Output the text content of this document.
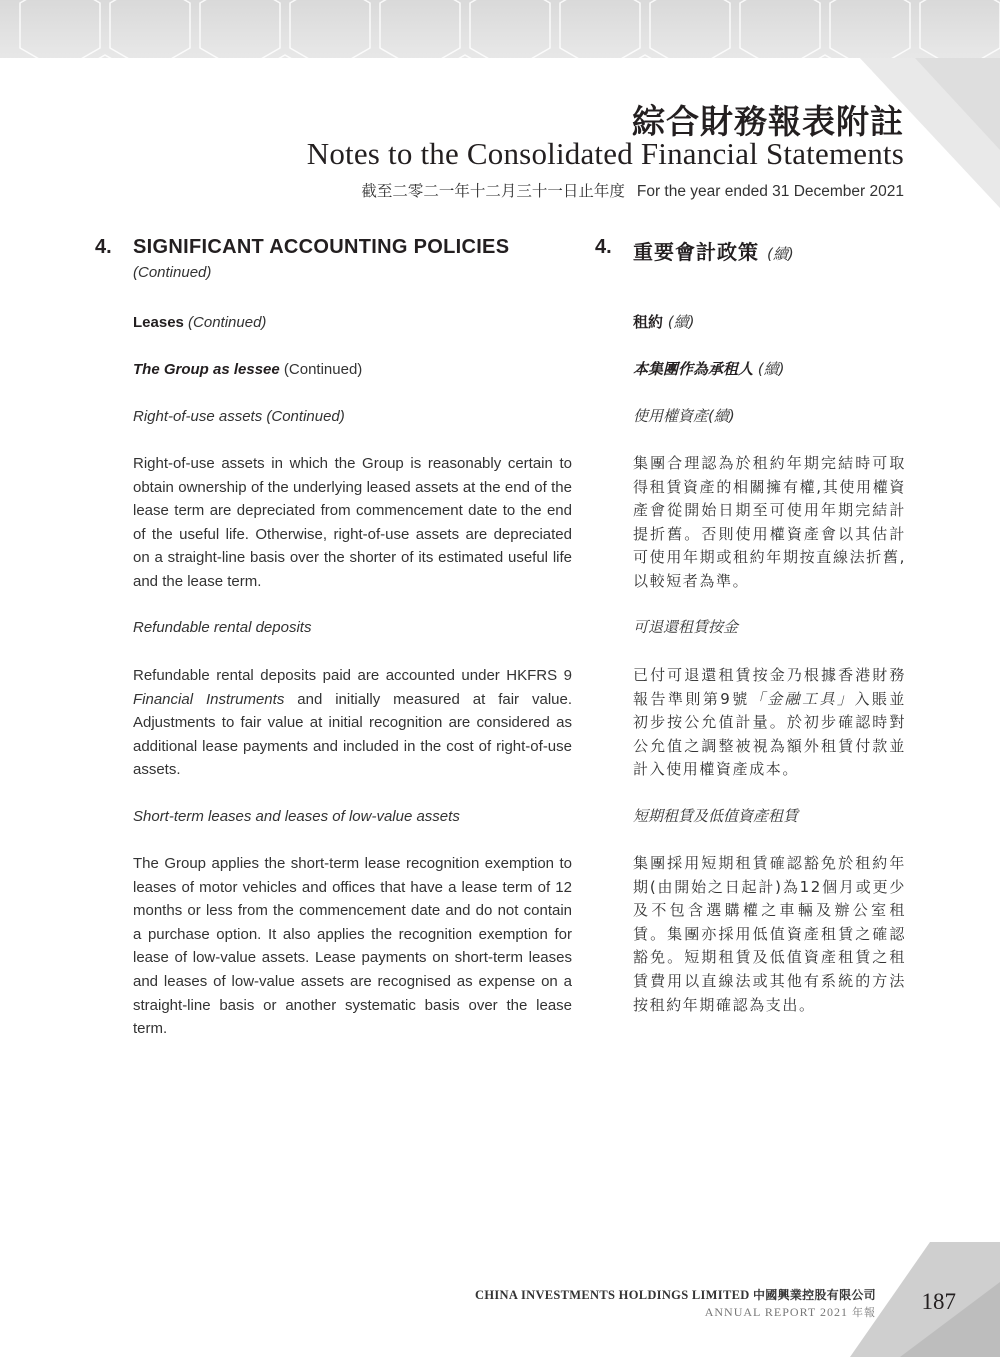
綜合財務報表附註
Notes to the Consolidated Financial Statements
截至二零二一年十二月三十一日止年度 For the year ended 31 December 2021
4. SIGNIFICANT ACCOUNTING POLICIES
(Continued)
Leases (Continued)
The Group as lessee (Continued)
Right-of-use assets (Continued)

Right-of-use assets in which the Group is reasonably certain to obtain ownership of the underlying leased assets at the end of the lease term are depreciated from commencement date to the end of the useful life. Otherwise, right-of-use assets are depreciated on a straight-line basis over the shorter of its estimated useful life and the lease term.

Refundable rental deposits

Refundable rental deposits paid are accounted under HKFRS 9 Financial Instruments and initially measured at fair value. Adjustments to fair value at initial recognition are considered as additional lease payments and included in the cost of right-of-use assets.

Short-term leases and leases of low-value assets

The Group applies the short-term lease recognition exemption to leases of motor vehicles and offices that have a lease term of 12 months or less from the commencement date and do not contain a purchase option. It also applies the recognition exemption for lease of low-value assets. Lease payments on short-term leases and leases of low-value assets are recognised as expense on a straight-line basis or another systematic basis over the lease term.

4. 重要會計政策 (續)
租約 (續)
本集團作為承租人 (續)
使用權資產(續)

集團合理認為於租約年期完結時可取得租賃資產的相關擁有權,其使用權資產會從開始日期至可使用年期完結計提折舊。否則使用權資產會以其估計可使用年期或租約年期按直線法折舊,以較短者為準。

可退還租賃按金

已付可退還租賃按金乃根據香港財務報告準則第9號「金融工具」入賬並初步按公允值計量。於初步確認時對公允值之調整被視為額外租賃付款並計入使用權資產成本。

短期租賃及低值資產租賃

集團採用短期租賃確認豁免於租約年期(由開始之日起計)為12個月或更少及不包含選購權之車輛及辦公室租賃。集團亦採用低值資產租賃之確認豁免。短期租賃及低值資產租賃之租賃費用以直線法或其他有系統的方法按租約年期確認為支出。

CHINA INVESTMENTS HOLDINGS LIMITED 中國興業控股有限公司
ANNUAL REPORT 2021 年報 187
